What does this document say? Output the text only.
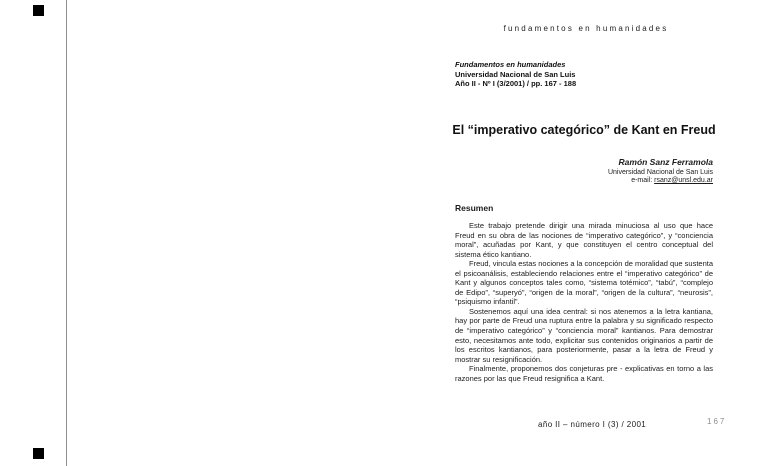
fundamentos en humanidades
Fundamentos en humanidades
Universidad Nacional de San Luis
Año II - Nº I (3/2001) / pp. 167 - 188
El “imperativo categórico” de Kant en Freud
Ramón Sanz Ferramola
Universidad Nacional de San Luis
e-mail: rsanz@unsl.edu.ar
Resumen

Este trabajo pretende dirigir una mirada minuciosa al uso que hace Freud en su obra de las nociones de “imperativo categórico”, y “conciencia moral”, acuñadas por Kant, y que constituyen el centro conceptual del sistema ético kantiano.

Freud, vincula estas nociones a la concepción de moralidad que sustenta el psicoanálisis, estableciendo relaciones entre el “imperativo categórico” de Kant y algunos conceptos tales como, “sistema totémico”, “tabú”, “complejo de Edipo”, “superyó”, “origen de la moral”, “origen de la cultura”, “neurosis”, “psiquismo infantil”.

Sostenemos aquí una idea central: si nos atenemos a la letra kantiana, hay por parte de Freud una ruptura entre la palabra y su significado respecto de “imperativo categórico” y “conciencia moral” kantianos. Para demostrar esto, necesitamos ante todo, explicitar sus contenidos originarios a partir de los escritos kantianos, para posteriormente, pasar a la letra de Freud y mostrar su resignificación.

Finalmente, proponemos dos conjeturas pre - explicativas en torno a las razones por las que Freud resignifica a Kant.

año II – número I (3) / 2001	167
